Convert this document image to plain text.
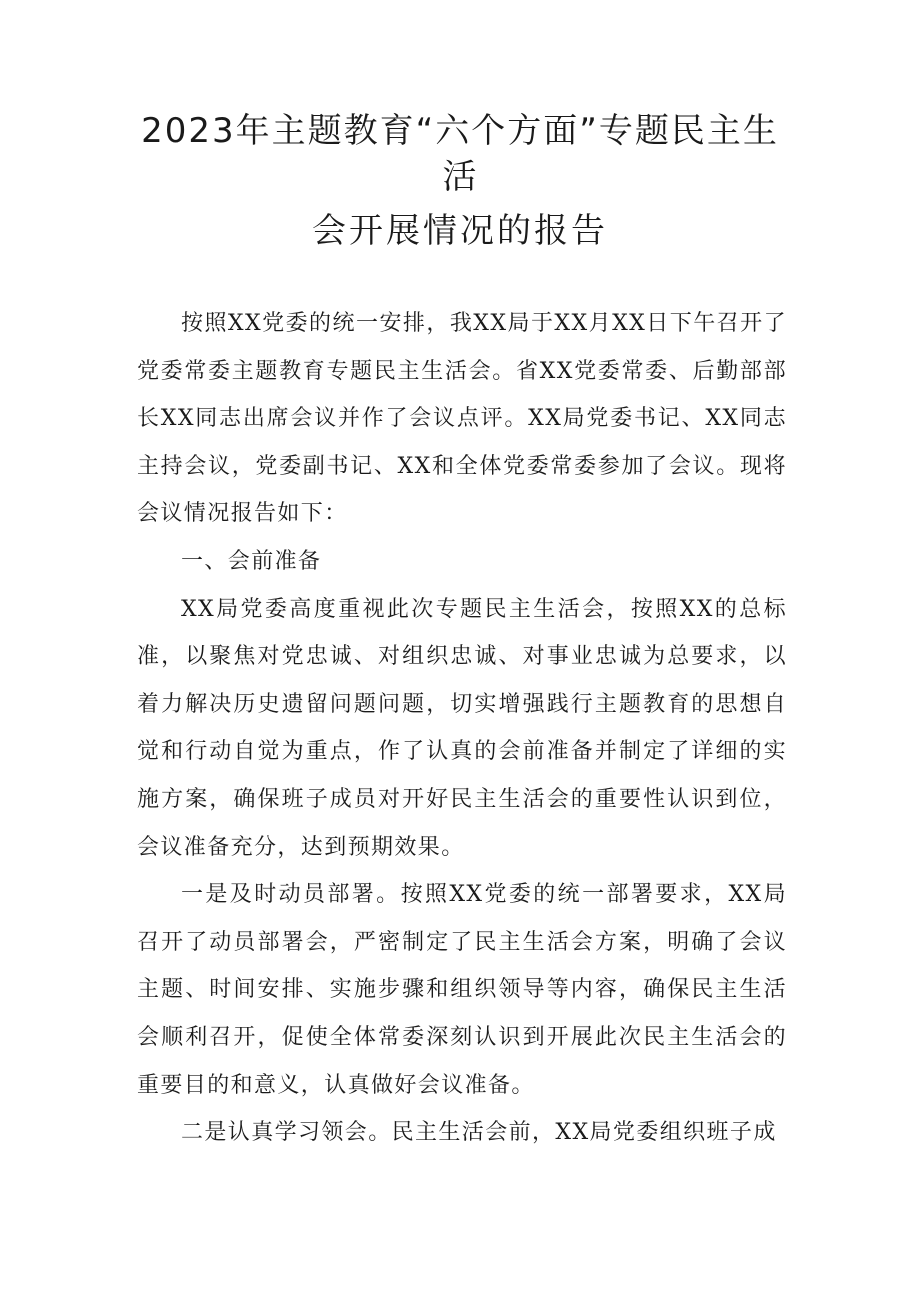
2023年主题教育“六个方面”专题民主生
活
会开展情况的报告

按照XX党委的统一安排，我XX局于XX月XX日下午召开了党委常委主题教育专题民主生活会。省XX党委常委、后勤部部长XX同志出席会议并作了会议点评。XX局党委书记、XX同志主持会议，党委副书记、XX和全体党委常委参加了会议。现将会议情况报告如下：

一、会前准备

XX局党委高度重视此次专题民主生活会，按照XX的总标准，以聚焦对党忠诚、对组织忠诚、对事业忠诚为总要求，以着力解决历史遗留问题问题，切实增强践行主题教育的思想自觉和行动自觉为重点，作了认真的会前准备并制定了详细的实施方案，确保班子成员对开好民主生活会的重要性认识到位，会议准备充分，达到预期效果。

一是及时动员部署。按照XX党委的统一部署要求，XX局召开了动员部署会，严密制定了民主生活会方案，明确了会议主题、时间安排、实施步骤和组织领导等内容，确保民主生活会顺利召开，促使全体常委深刻认识到开展此次民主生活会的重要目的和意义，认真做好会议准备。

二是认真学习领会。民主生活会前，XX局党委组织班子成
